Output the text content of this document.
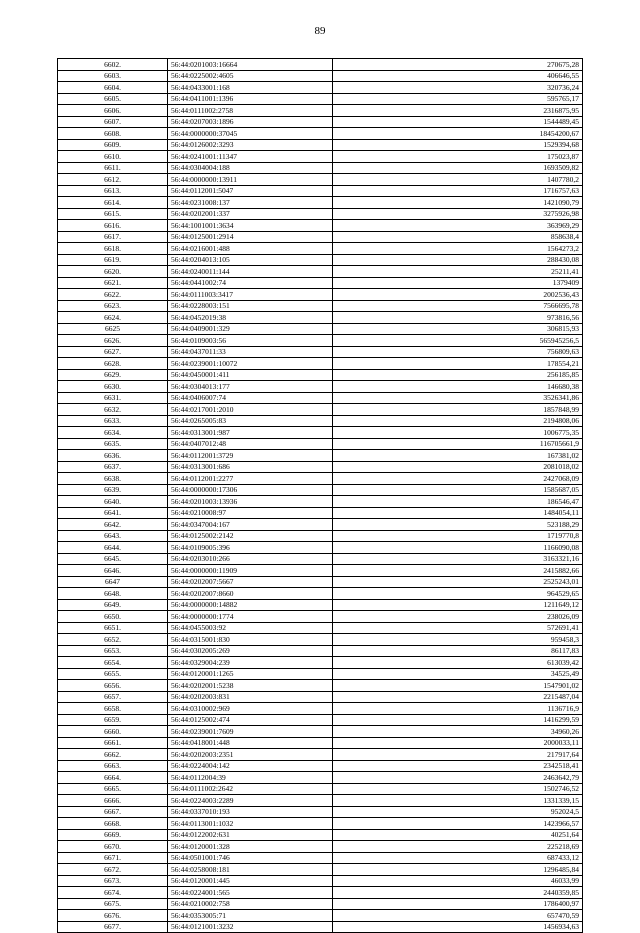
89
6602.	56:44:0201003:16664	270675,28
6603.	56:44:0225002:4605	406646,55
6604.	56:44:0433001:168	320736,24
6605.	56:44:0411001:1396	595765,17
6606.	56:44:0111002:2758	2316875,95
6607.	56:44:0207003:1896	1544489,45
6608.	56:44:0000000:37045	18454200,67
6609.	56:44:0126002:3293	1529394,68
6610.	56:44:0241001:11347	175023,87
6611.	56:44:0304004:188	1693509,82
6612.	56:44:0000000:13911	1407780,2
6613.	56:44:0112001:5047	1716757,63
6614.	56:44:0231008:137	1421090,79
6615.	56:44:0202001:337	3275926,98
6616.	56:44:1001001:3634	363969,29
6617.	56:44:0125001:2914	858638,4
6618.	56:44:0216001:488	1564273,2
6619.	56:44:0204013:105	288430,08
6620.	56:44:0240011:144	25211,41
6621.	56:44:0441002:74	1379409
6622.	56:44:0111003:3417	2002536,43
6623.	56:44:0228003:151	7566695,78
6624.	56:44:0452019:38	973816,56
6625	56:44:0409001:329	306815,93
6626.	56:44:0109003:56	565945256,5
6627.	56:44:0437011:33	756809,63
6628.	56:44:0239001:10072	178554,21
6629.	56:44:0450001:411	256185,85
6630.	56:44:0304013:177	146680,38
6631.	56:44:0406007:74	3526341,86
6632.	56:44:0217001:2010	1857848,99
6633.	56:44:0265005:83	2194808,06
6634.	56:44:0313001:987	1006775,35
6635.	56:44:0407012:48	116705661,9
6636.	56:44:0112001:3729	167381,02
6637.	56:44:0313001:686	2081018,02
6638.	56:44:0112001:2277	2427068,09
6639.	56:44:0000000:17306	1585687,05
6640.	56:44:0201003:13936	186546,47
6641.	56:44:0210008:97	1484054,11
6642.	56:44:0347004:167	523188,29
6643.	56:44:0125002:2142	1719770,8
6644.	56:44:0109005:396	1166090,08
6645.	56:44:0203010:266	3163321,16
6646.	56:44:0000000:11909	2415882,66
6647	56:44:0202007:5667	2525243,01
6648.	56:44:0202007:8660	964529,65
6649.	56:44:0000000:14882	1211649,12
6650.	56:44:0000000:1774	238026,09
6651.	56:44:0455003:92	572691,41
6652.	56:44:0315001:830	959458,3
6653.	56:44:0302005:269	86117,83
6654.	56:44:0329004:239	613039,42
6655.	56:44:0120001:1265	34525,49
6656.	56:44:0202001:5238	1547901,02
6657.	56:44:0202003:831	2215487,04
6658.	56:44:0310002:969	1136716,9
6659.	56:44:0125002:474	1416299,59
6660.	56:44:0239001:7609	34960,26
6661.	56:44:0418001:448	2000033,11
6662.	56:44:0202003:2351	217917,64
6663.	56:44:0224004:142	2342518,41
6664.	56:44:0112004:39	2463642,79
6665.	56:44:0111002:2642	1502746,52
6666.	56:44:0224003:2289	1331339,15
6667.	56:44:0337010:193	952024,5
6668.	56:44:0113001:1032	1423966,57
6669.	56:44:0122002:631	40251,64
6670.	56:44:0120001:328	225218,69
6671.	56:44:0501001:746	687433,12
6672.	56:44:0258008:181	1296485,84
6673.	56:44:0120001:445	46033,99
6674.	56:44:0224001:565	2440359,85
6675.	56:44:0210002:758	1786400,97
6676.	56:44:0353005:71	657470,59
6677.	56:44:0121001:3232	1456934,63
